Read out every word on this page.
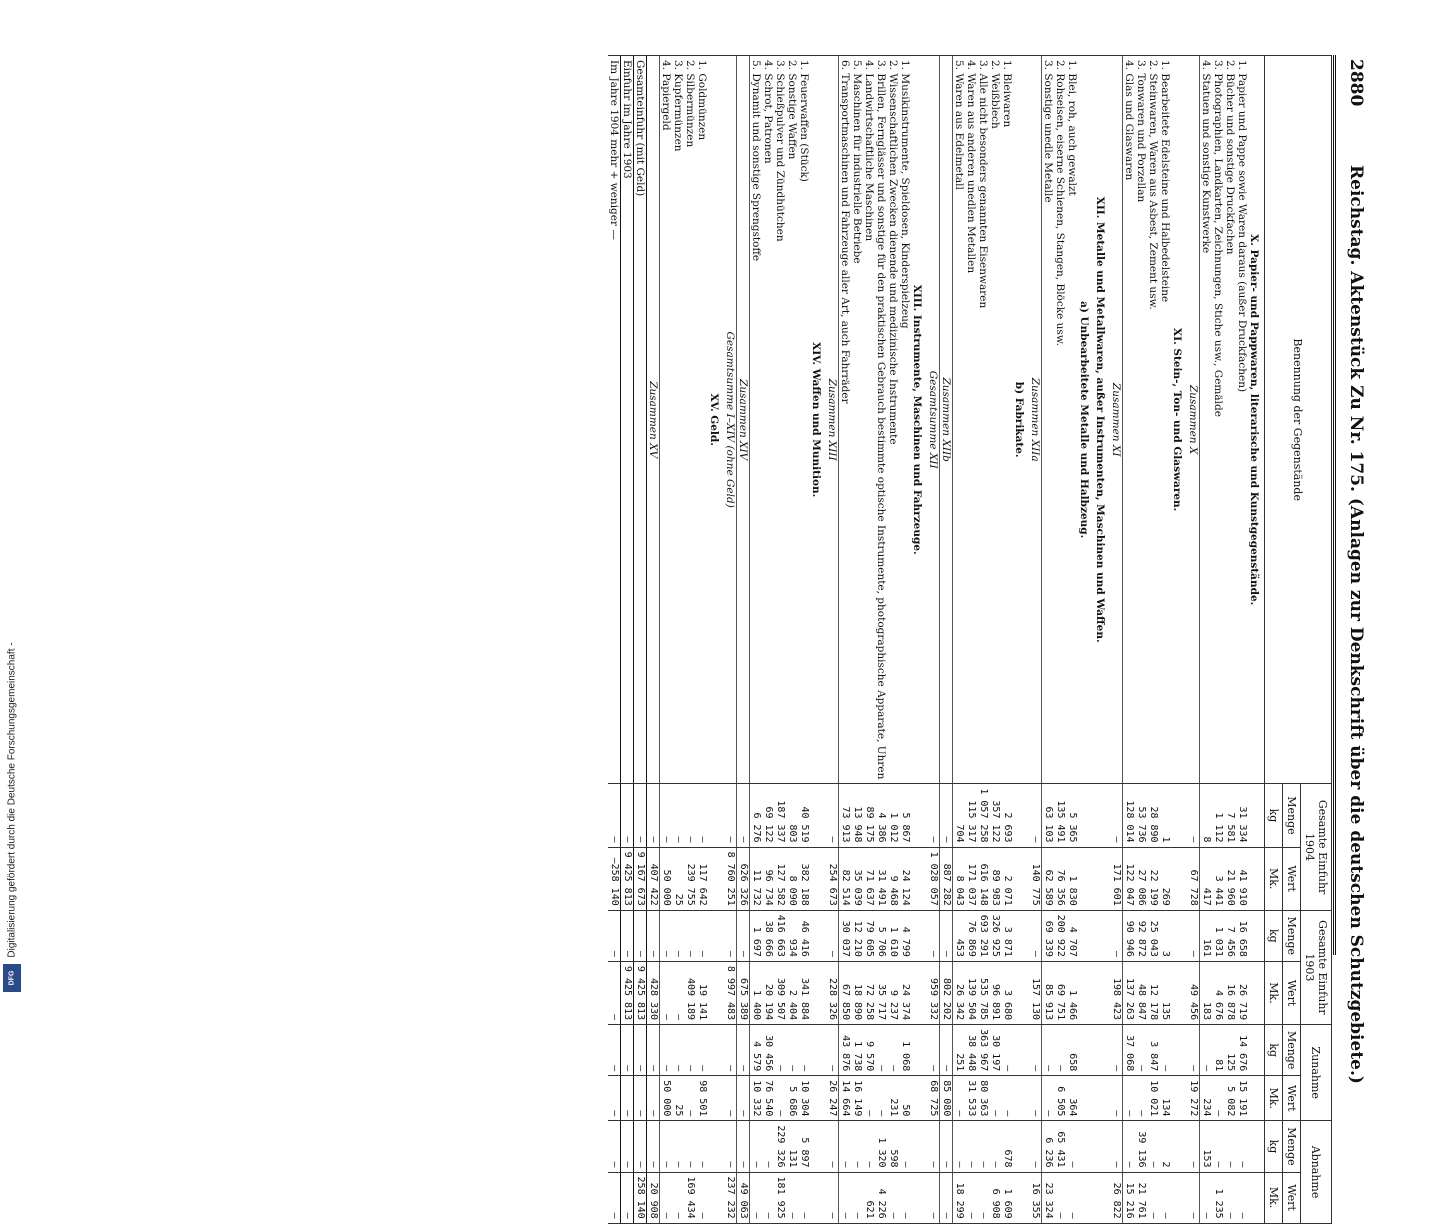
Digitalisierung gefördert durch die Deutsche Forschungsgemeinschaft -
DFG
2880
Reichstag. Aktenstück Zu Nr. 175. (Anlagen zur Denkschrift über die deutschen Schutzgebiete.)
Benennung der Gegenstände	Gesamte Einfuhr 1904		Gesamte Einfuhr 1903		Zunahme		Abnahme	
	Menge	Wert	Menge	Wert	Menge	Wert	Menge	Wert
	kg	Mk.	kg	Mk.	kg	Mk.	kg	Mk.
X. Papier- und Pappwaren, literarische und Kunstgegenstände.								
1. Papier und Pappe sowie Waren daraus (außer Druckfachen)	31 334	41 910	16 658	26 719	14 676	15 191	—	—
2. Bücher und sonstige Druckfachen	7 581	21 960	7 456	16 878	125	5 082	—	—
3. Photographien, Landkarten, Zeichnungen, Stiche usw., Gemälde	1 112	3 441	1 031	4 676	81	—	—	1 235
4. Statuen und sonstige Kunstwerke	8	417	161	183	—	234	153	—
Zusammen X	—	67 728	—	49 456	—	19 272	—	—
XI. Stein-, Ton- und Glaswaren.								
1. Bearbeitete Edelsteine und Halbedelsteine	1	269	3	135	—	134	2	—
2. Steinwaren, Waren aus Asbest, Zement usw.	28 890	22 199	25 043	12 178	3 847	10 021	—	—
3. Tonwaren und Porzellan	53 736	27 086	92 872	48 847	—	—	39 136	21 761
4. Glas und Glaswaren	128 014	122 047	90 946	137 263	37 068	—	—	15 216
Zusammen XI	—	171 601	—	198 423	—	—	—	26 822
XII. Metalle und Metallwaren, außer Instrumenten, Maschinen und Waffen.								
a) Unbearbeitete Metalle und Halbzeug.								
1. Blei, roh, auch gewalzt	5 365	1 830	4 707	1 466	658	364	—	—
2. Rohseisen, eiserne Schienen, Stangen, Blöcke usw.	135 491	76 356	200 922	69 751	—	6 505	65 431	—
3. Sonstige unedle Metalle	63 103	62 589	69 339	85 913	—	—	6 236	23 324
Zusammen XIIa	—	140 775	—	157 130	—	—	—	16 355
b) Fabrikate.								
1. Bleiwaren	2 693	2 071	3 871	3 680	—	—	678	1 609
2. Weißblech	357 122	89 983	326 925	96 891	30 197	—	—	6 908
3. Alle nicht besonders genannten Eisenwaren	1 057 258	616 148	693 291	535 785	363 967	80 363	—	—
4. Waren aus anderen unedlen Metallen	115 317	171 037	76 869	139 504	38 448	31 533	—	—
5. Waren aus Edelmetall	704	8 043	453	26 342	251	—	—	18 299
Zusammen XIIb	—	887 282	—	802 202	—	85 080	—	—
Gesamtsumme XII	—	1 028 057	—	959 332	—	68 725	—	—
XIII. Instrumente, Maschinen und Fahrzeuge.								
1. Musikinstrumente, Spieldosen, Kinderspielzeug	5 867	24 124	4 799	24 374	1 068	50	—	—
2. Wissenschaftlichen Zwecken dienende und medizinische Instrumente	1 012	9 468	1 610	9 237	—	231	598	—
3. Brillen, Fernglässer und sonstige für den praktischen Gebrauch bestimmte optische Instrumente, photographische Apparate, Uhren	4 386	31 491	5 706	35 717	—	—	1 320	4 226
4. Landwirtschaftliche Maschinen	89 175	71 637	79 605	72 258	9 570	—	—	621
5. Maschinen für industrielle Betriebe	13 948	35 039	12 210	18 890	1 738	16 149	—	—
6. Transportmaschinen und Fahrzeuge aller Art, auch Fahrräder	73 913	82 514	30 037	67 850	43 876	14 664	—	—
Zusammen XIII	—	254 673	—	228 326	—	26 247	—	—
XIV. Waffen und Munition.								
1. Feuerwaffen (Stück)	40 519	382 188	46 416	341 884	—	10 304	5 897	—
2. Sonstige Waffen	803	8 090	934	2 404	—	5 686	131	—
3. Schießpulver und Zündhütchen	187 337	127 582	416 663	309 507	—	—	229 326	181 925
4. Schrot, Patronen	69 122	96 734	38 666	20 194	30 456	76 540	—	—
5. Dynamit und sonstige Sprengstoffe	6 276	11 732	1 697	1 400	4 579	10 332	—	—
Zusammen XIV	—	626 326	—	675 389	—	—	—	49 063
Gesamtsumme I–XIV (ohne Geld)	—	8 760 251	—	8 997 483	—	—	—	237 232
XV. Geld.								
1. Goldmünzen	—	117 642	—	19 141	—	98 501	—	—
2. Silbermünzen	—	239 755	—	409 189	—	—	—	169 434
3. Kupfermünzen	—	25	—	—	—	25	—	—
4. Papiergeld	—	50 000	—	—	—	50 000	—	—
Zusammen XV	—	407 422	—	428 330	—	—	—	20 908
Gesamteinfuhr (mit Geld)	—	9 167 673	—	9 425 813	—	—	—	258 140
Einfuhr im Jahre 1903	—	9 425 813	—	9 425 813	—	—	—	—
Im Jahre 1904 mehr + weniger —	—	—258 140	—	—	—	—	—	—
